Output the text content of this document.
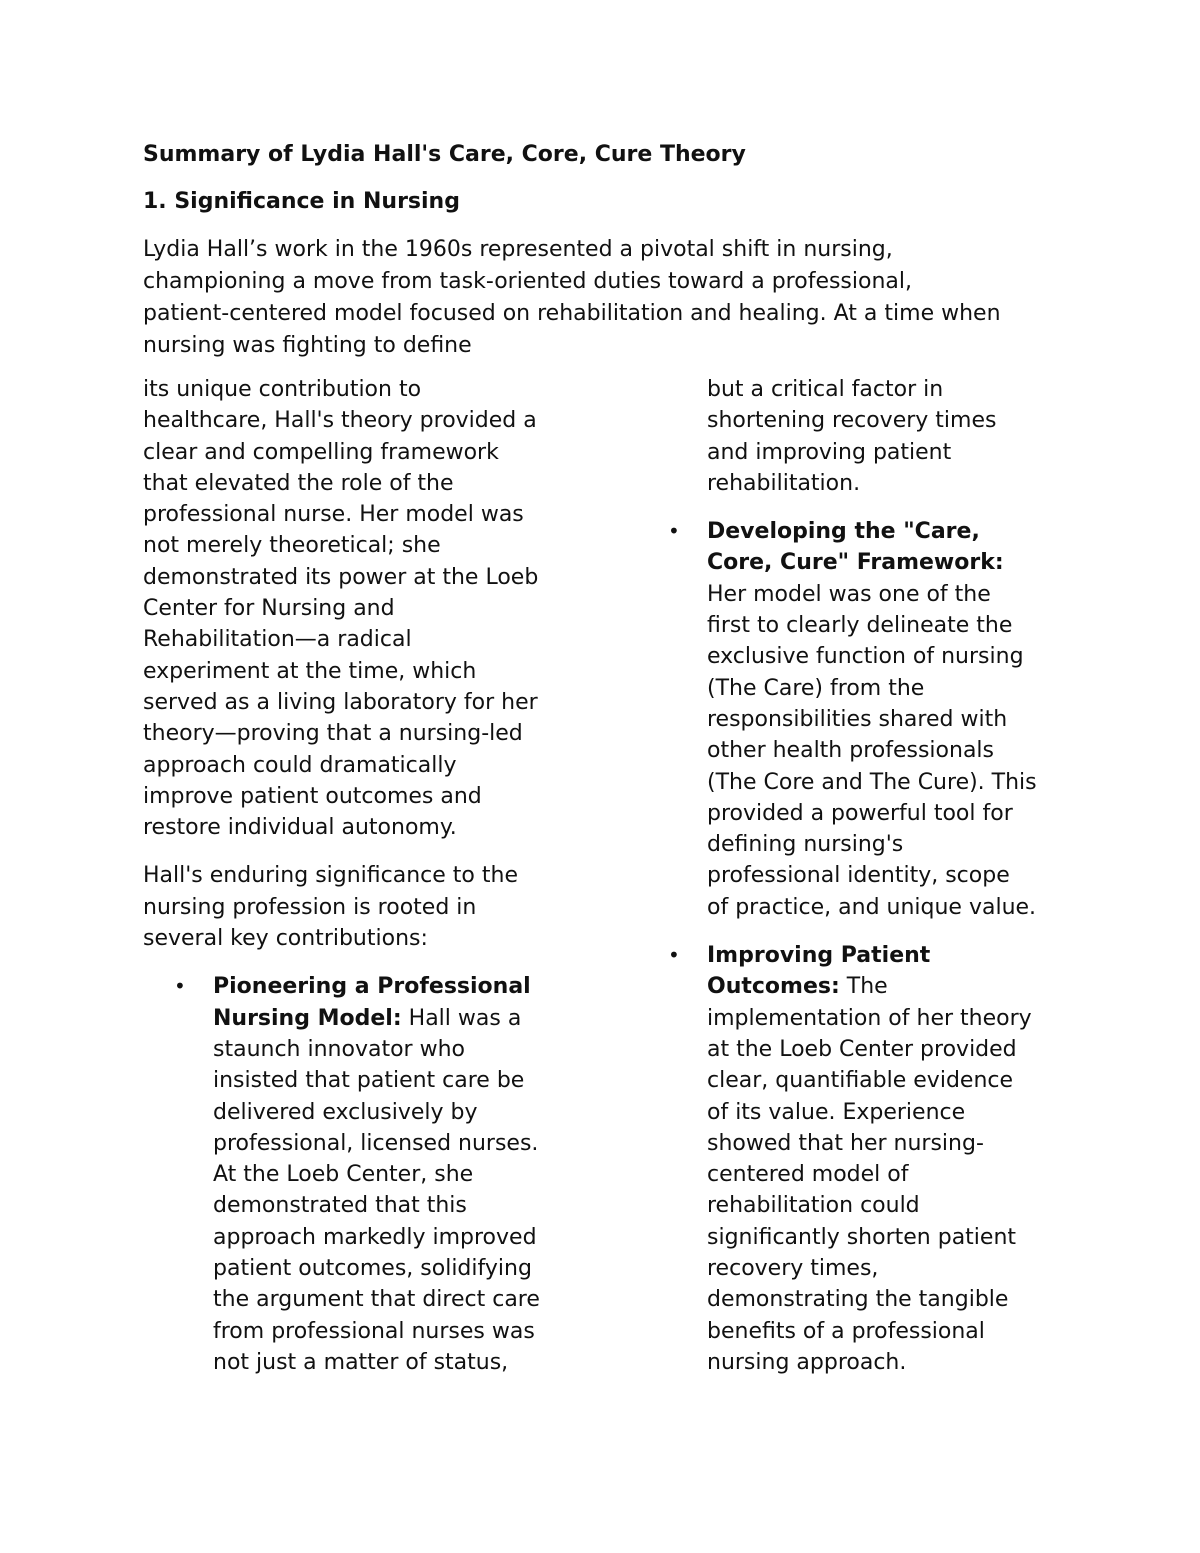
Summary of Lydia Hall's Care, Core, Cure Theory
1. Significance in Nursing

Lydia Hall’s work in the 1960s represented a pivotal shift in nursing,
championing a move from task-oriented duties toward a professional,
patient-centered model focused on rehabilitation and healing. At a time when
nursing was fighting to define

its unique contribution to
healthcare, Hall's theory provided a
clear and compelling framework
that elevated the role of the
professional nurse. Her model was
not merely theoretical; she
demonstrated its power at the Loeb
Center for Nursing and
Rehabilitation—a radical
experiment at the time, which
served as a living laboratory for her
theory—proving that a nursing-led
approach could dramatically
improve patient outcomes and
restore individual autonomy.

Hall's enduring significance to the
nursing profession is rooted in
several key contributions:

• Pioneering a Professional
Nursing Model: Hall was a
staunch innovator who
insisted that patient care be
delivered exclusively by
professional, licensed nurses.
At the Loeb Center, she
demonstrated that this
approach markedly improved
patient outcomes, solidifying
the argument that direct care
from professional nurses was
not just a matter of status,
but a critical factor in
shortening recovery times
and improving patient
rehabilitation.
• Developing the "Care,
Core, Cure" Framework:
Her model was one of the
first to clearly delineate the
exclusive function of nursing
(The Care) from the
responsibilities shared with
other health professionals
(The Core and The Cure). This
provided a powerful tool for
defining nursing's
professional identity, scope
of practice, and unique value.
• Improving Patient
Outcomes: The
implementation of her theory
at the Loeb Center provided
clear, quantifiable evidence
of its value. Experience
showed that her nursing-
centered model of
rehabilitation could
significantly shorten patient
recovery times,
demonstrating the tangible
benefits of a professional
nursing approach.
